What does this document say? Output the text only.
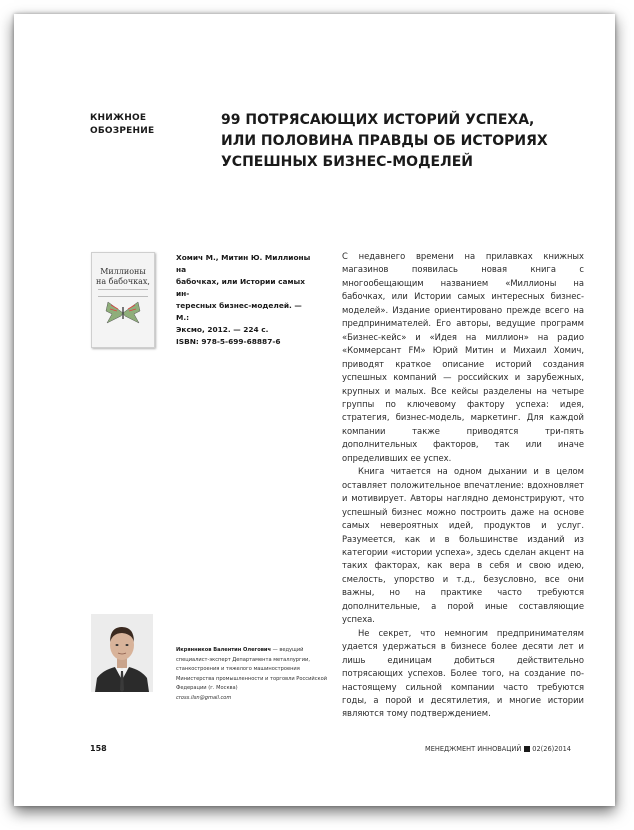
КНИЖНОЕ
ОБОЗРЕНИЕ
99 ПОТРЯСАЮЩИХ ИСТОРИЙ УСПЕХА,
ИЛИ ПОЛОВИНА ПРАВДЫ ОБ ИСТОРИЯХ
УСПЕШНЫХ БИЗНЕС-МОДЕЛЕЙ
Миллионы
на бабочках,
Хомич М., Митин Ю. Миллионы на
бабочках, или Истории самых ин-
тересных бизнес-моделей. — М.:
Эксмо, 2012. — 224 с.
ISBN: 978-5-699-68887-6

С недавнего времени на прилавках книжных магазинов появилась новая книга с многообещающим названием «Миллионы на бабочках, или Истории самых интересных бизнес-моделей». Издание ориентировано прежде всего на предпринимателей. Его авторы, ведущие программ «Бизнес-кейс» и «Идея на миллион» на радио «Коммерсант FM» Юрий Митин и Михаил Хомич, приводят краткое описание историй создания успешных компаний — российских и зарубежных, крупных и малых. Все кейсы разделены на четыре группы по ключевому фактору успеха: идея, стратегия, бизнес-модель, маркетинг. Для каждой компании также приводятся три-пять дополнительных факторов, так или иначе определивших ее успех.

Книга читается на одном дыхании и в целом оставляет положительное впечатление: вдохновляет и мотивирует. Авторы наглядно демонстрируют, что успешный бизнес можно построить даже на основе самых невероятных идей, продуктов и услуг. Разумеется, как и в большинстве изданий из категории «истории успеха», здесь сделан акцент на таких факторах, как вера в себя и свою идею, смелость, упорство и т.д., безусловно, все они важны, но на практике часто требуются дополнительные, а порой иные составляющие успеха.

Не секрет, что немногим предпринимателям удается удержаться в бизнесе более десяти лет и лишь единицам добиться действительно потрясающих успехов. Более того, на создание по-настоящему сильной компании часто требуются годы, а порой и десятилетия, и многие истории являются тому подтверждением.

Икрянников Валентин Олегович — ведущий специалист-эксперт Департамента металлургии, станкостроения и тяжелого машиностроения Министерства промышленности и торговли Российской Федерации (г. Москва)
cross.ilsn@gmail.com
158	МЕНЕДЖМЕНТ ИННОВАЦИЙ 02(26)2014
